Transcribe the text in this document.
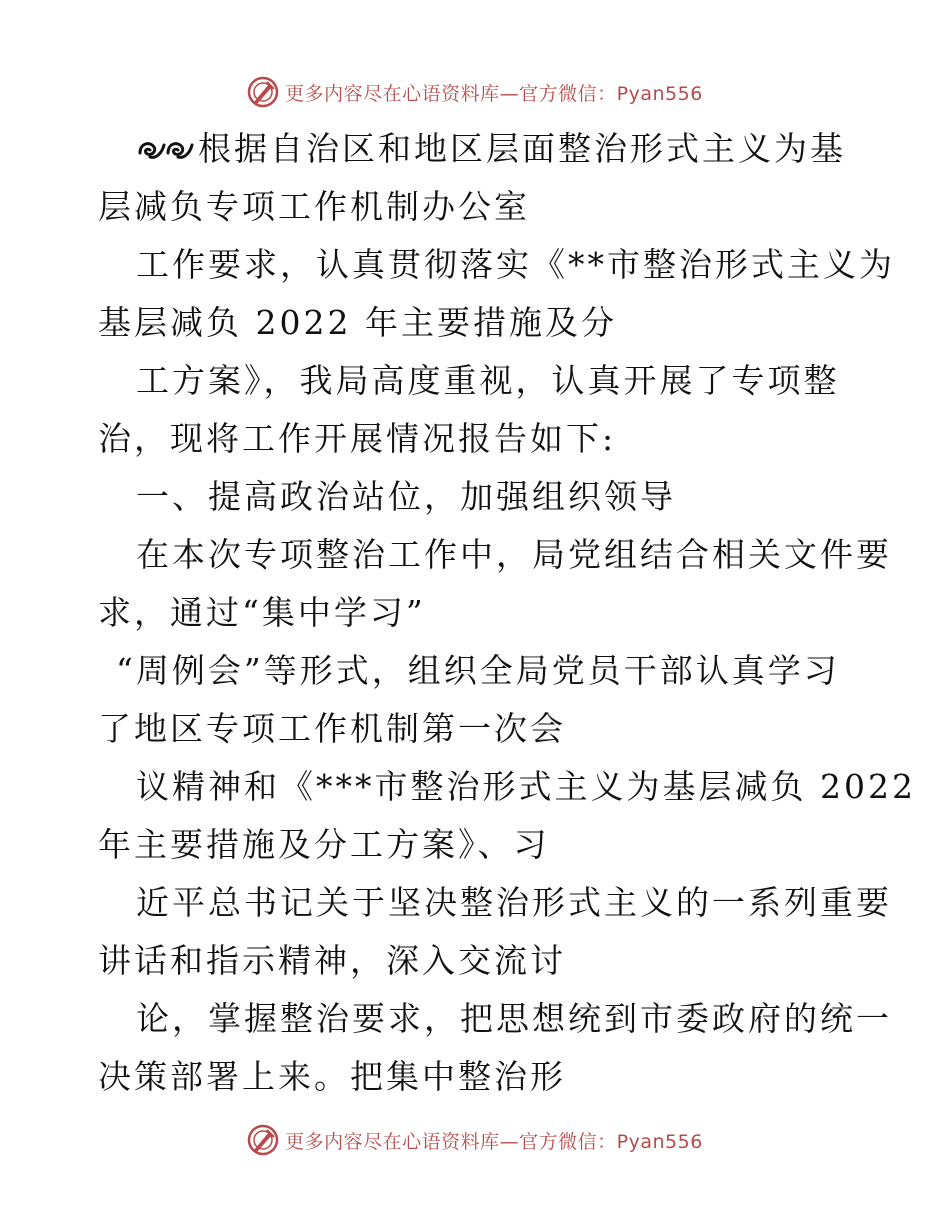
更多内容尽在心语资料库—官方微信：Pyan556
根据自治区和地区层面整治形式主义为基
层减负专项工作机制办公室
工作要求，认真贯彻落实《**市整治形式主义为
基层减负 2022 年主要措施及分
工方案》，我局高度重视，认真开展了专项整
治，现将工作开展情况报告如下:
一、提高政治站位，加强组织领导
在本次专项整治工作中，局党组结合相关文件要
求，通过“集中学习”
“周例会”等形式，组织全局党员干部认真学习
了地区专项工作机制第一次会
议精神和《***市整治形式主义为基层减负 2022
年主要措施及分工方案》、习
近平总书记关于坚决整治形式主义的一系列重要
讲话和指示精神，深入交流讨
论，掌握整治要求，把思想统到市委政府的统一
决策部署上来。把集中整治形
更多内容尽在心语资料库—官方微信：Pyan556
